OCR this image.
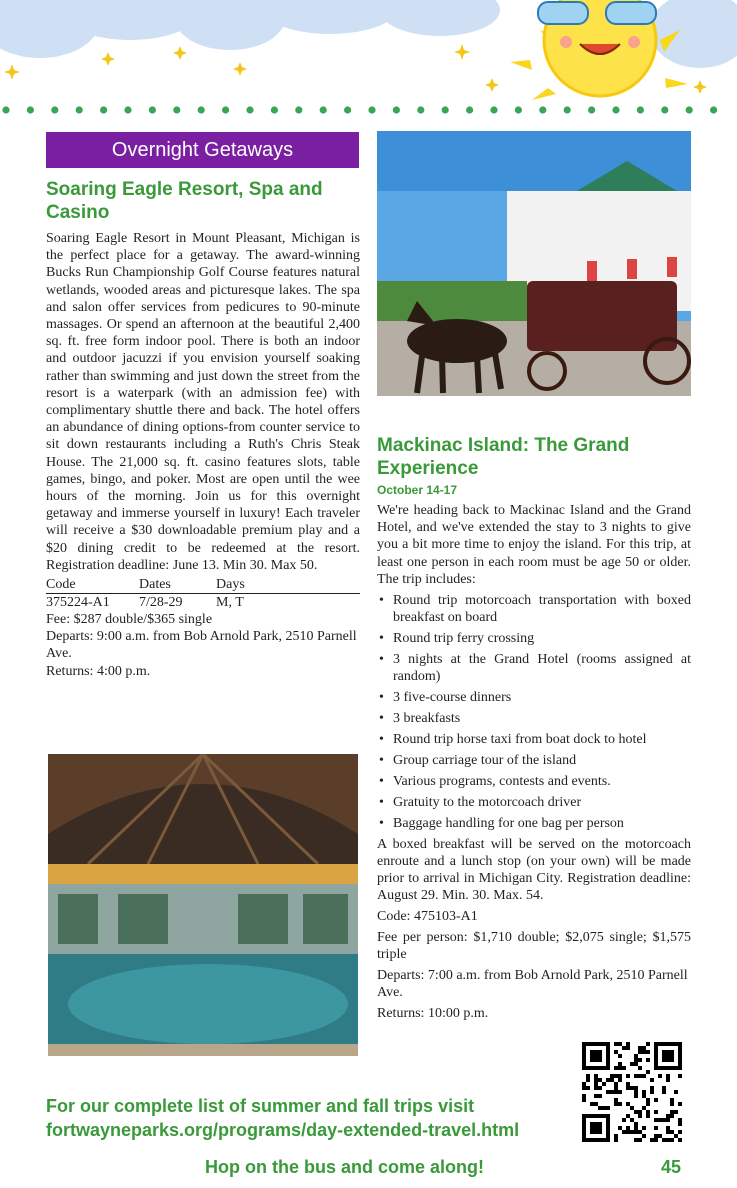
Overnight Getaways
Soaring Eagle Resort, Spa and Casino

Soaring Eagle Resort in Mount Pleasant, Michigan is the perfect place for a getaway. The award-winning Bucks Run Championship Golf Course features natural wetlands, wooded areas and picturesque lakes. The spa and salon offer services from pedicures to 90-minute massages. Or spend an afternoon at the beautiful 2,400 sq. ft. free form indoor pool. There is both an indoor and outdoor jacuzzi if you envision yourself soaking rather than swimming and just down the street from the resort is a waterpark (with an admission fee) with complimentary shuttle there and back. The hotel offers an abundance of dining options-from counter service to sit down restaurants including a Ruth's Chris Steak House. The 21,000 sq. ft. casino features slots, table games, bingo, and poker. Most are open until the wee hours of the morning. Join us for this overnight getaway and immerse yourself in luxury! Each traveler will receive a $30 downloadable premium play and a $20 dining credit to be redeemed at the resort. Registration deadline: June 13. Min 30. Max 50.

Code	Dates	Days
375224-A1	7/28-29	M, T
Fee: $287 double/$365 single
Departs: 9:00 a.m. from Bob Arnold Park, 2510 Parnell Ave.
Returns: 4:00 p.m.
Mackinac Island: The Grand Experience
October 14-17

We're heading back to Mackinac Island and the Grand Hotel, and we've extended the stay to 3 nights to give you a bit more time to enjoy the island. For this trip, at least one person in each room must be age 50 or older. The trip includes:

• Round trip motorcoach transportation with boxed breakfast on board
• Round trip ferry crossing
• 3 nights at the Grand Hotel (rooms assigned at random)
• 3 five-course dinners
• 3 breakfasts
• Round trip horse taxi from boat dock to hotel
• Group carriage tour of the island
• Various programs, contests and events.
• Gratuity to the motorcoach driver
• Baggage handling for one bag per person

A boxed breakfast will be served on the motorcoach enroute and a lunch stop (on your own) will be made prior to arrival in Michigan City. Registration deadline: August 29. Min. 30. Max. 54.

Code: 475103-A1

Fee per person: $1,710 double; $2,075 single; $1,575 triple

Departs: 7:00 a.m. from Bob Arnold Park, 2510 Parnell Ave.

Returns: 10:00 p.m.

For our complete list of summer and fall trips visit
fortwayneparks.org/programs/day-extended-travel.html
Hop on the bus and come along!	45
